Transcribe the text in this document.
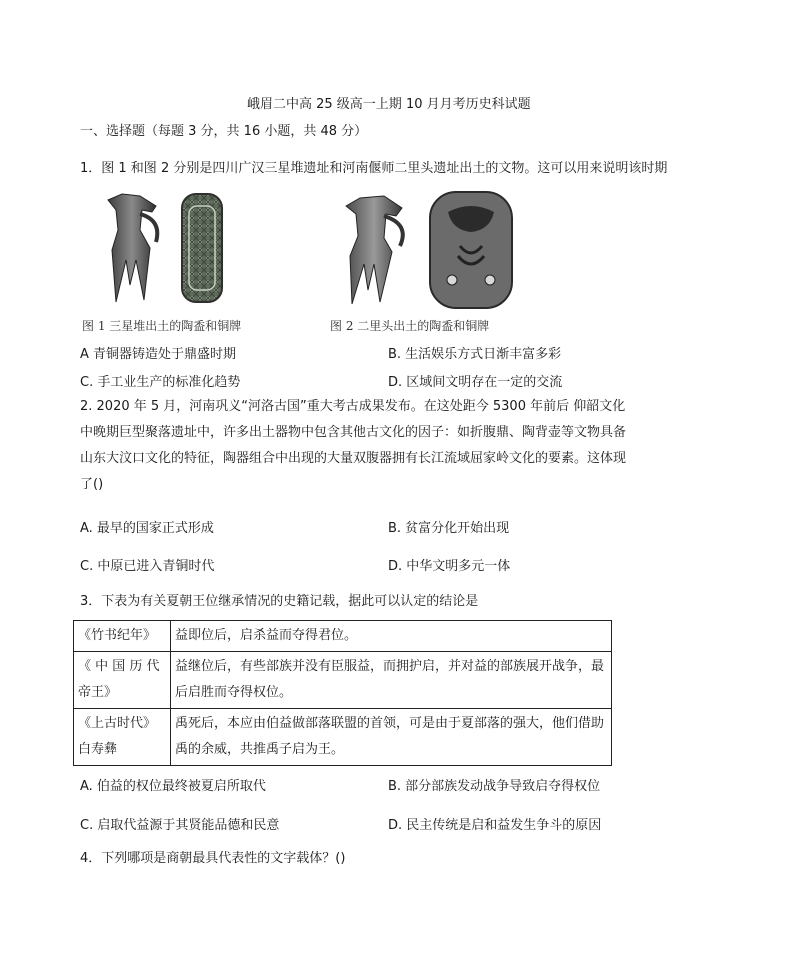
峨眉二中高 25 级高一上期 10 月月考历史科试题
一、选择题（每题 3 分，共 16 小题，共 48 分）
1．图 1 和图 2 分别是四川广汉三星堆遗址和河南偃师二里头遗址出土的文物。这可以用来说明该时期
图 1 三星堆出土的陶盉和铜牌	图 2 二里头出土的陶盉和铜牌
A 青铜器铸造处于鼎盛时期	B. 生活娱乐方式日渐丰富多彩
C. 手工业生产的标准化趋势	D. 区域间文明存在一定的交流
2. 2020 年 5 月，河南巩义“河洛古国”重大考古成果发布。在这处距今 5300 年前后 仰韶文化
中晚期巨型聚落遗址中，许多出土器物中包含其他古文化的因子：如折腹鼎、陶背壶等文物具备
山东大汶口文化的特征，陶器组合中出现的大量双腹器拥有长江流域屈家岭文化的要素。这体现
了()
A. 最早的国家正式形成	B. 贫富分化开始出现
C. 中原已进入青铜时代	D. 中华文明多元一体
3．下表为有关夏朝王位继承情况的史籍记载，据此可以认定的结论是
《竹书纪年》	益即位后，启杀益而夺得君位。
《 中 国 历 代帝王》	益继位后，有些部族并没有臣服益，而拥护启，并对益的部族展开战争，最后启胜而夺得权位。
《上古时代》白寿彝	禹死后，本应由伯益做部落联盟的首领，可是由于夏部落的强大，他们借助禹的余威，共推禹子启为王。
A. 伯益的权位最终被夏启所取代	B. 部分部族发动战争导致启夺得权位
C. 启取代益源于其贤能品德和民意	D. 民主传统是启和益发生争斗的原因
4．下列哪项是商朝最具代表性的文字载体？()
